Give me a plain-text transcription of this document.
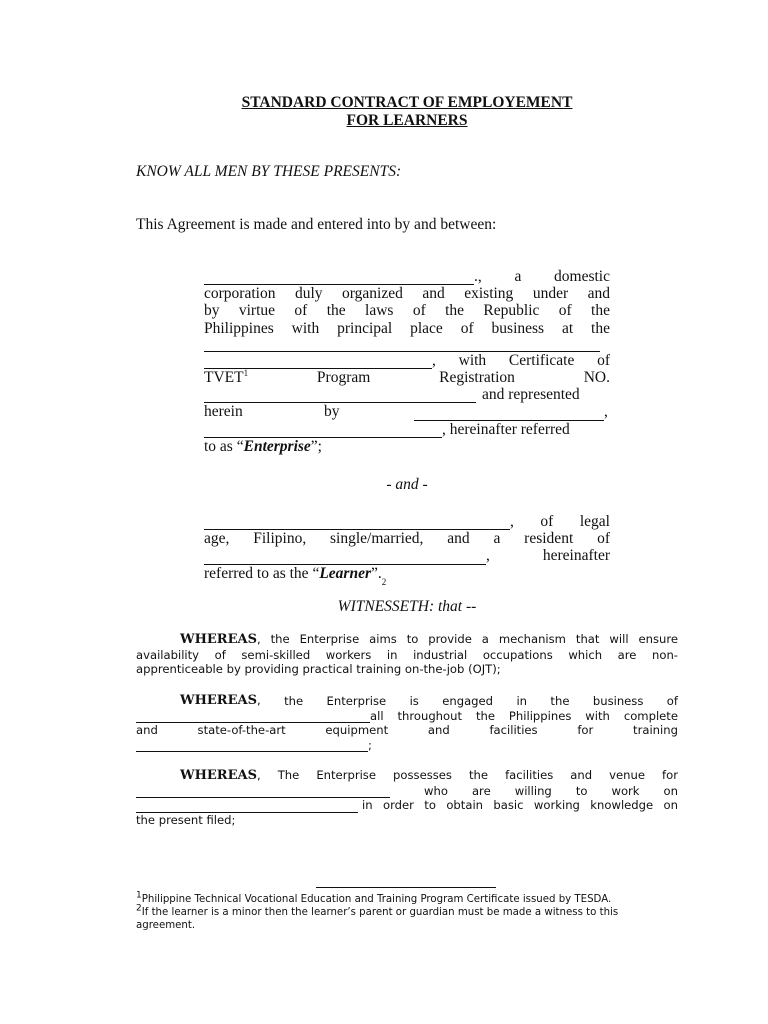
STANDARD CONTRACT OF EMPLOYEMENT
FOR LEARNERS
KNOW ALL MEN BY THESE PRESENTS:
This Agreement is made and entered into by and between:
., a domestic
corporation duly organized and existing under and
by virtue of the laws of the Republic of the
Philippines with principal place of business at the
, with Certificate of
TVET$^1$	Program	Registration	NO.
and represented
herein	by	,
, hereinafter referred
to as “ Enterprise ”;
- and -
, of legal
age, Filipino, single/married, and a resident of
,	hereinafter
referred to as the “ Learner ”.
2
WITNESSETH: that --
WHEREAS, the Enterprise aims to provide a mechanism that will ensure
availability of semi-skilled workers in industrial occupations which are non-
apprenticeable by providing practical training on-the-job (OJT);
WHEREAS, the Enterprise is engaged in the business of
all throughout the Philippines with complete
and	state-of-the-art	equipment	and	facilities	for	training
;
WHEREAS, The Enterprise possesses the facilities and venue for
who are willing to work on
in order to obtain basic working knowledge on
the present filed;
1Philippine Technical Vocational Education and Training Program Certificate issued by TESDA.
2If the learner is a minor then the learner’s parent or guardian must be made a witness to this agreement.
